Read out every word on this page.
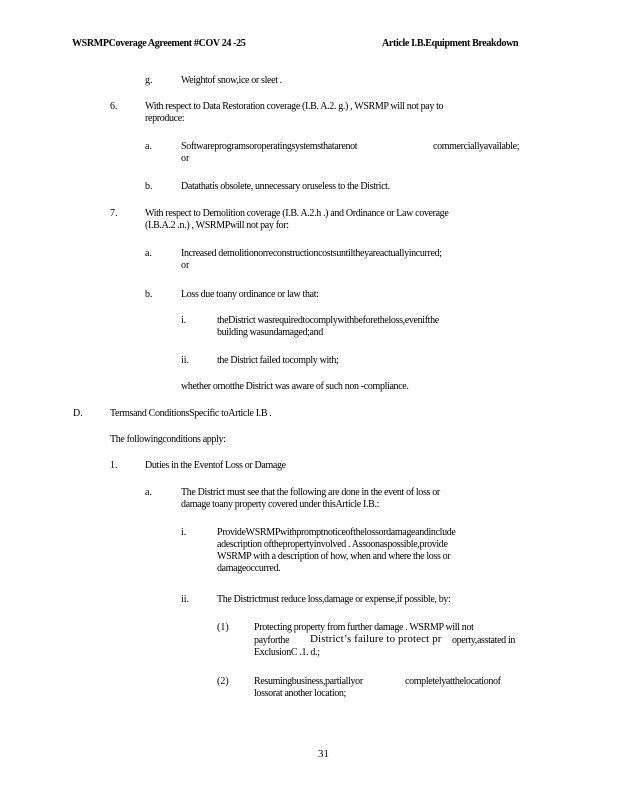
WSRMPCoverage Agreement #COV 24 -25	Article I.B.Equipment Breakdown
g.	Weightof snow,ice or sleet .
6.	With respect to Data Restoration coverage (I.B. A.2. g.) , WSRMP will not pay to
reproduce:
a.	Softwareprogramsoroperatingsystemsthatarenot	commerciallyavailable;
or
b.	Datathatis obsolete, unnecessary oruseless to the District.
7.	With respect to Demolition coverage (I.B. A.2.h .) and Ordinance or Law coverage
(I.B.A.2 .n.) , WSRMPwill not pay for:
a.	Increased demolitionorreconstructioncostsuntiltheyareactuallyincurred;
or
b.	Loss due toany ordinance or law that:
i.	theDistrict wasrequiredtocomplywithbeforetheloss,evenifthe
building wasundamaged;and
ii.	the District failed tocomply with;
whether ornotthe District was aware of such non -compliance.
D.	Termsand ConditionsSpecific toArticle I.B .
The followingconditions apply:
1.	Duties in the Eventof Loss or Damage
a.	The District must see that the following are done in the event of loss or
damage toany property covered under thisArticle I.B.:
i.	ProvideWSRMPwithpromptnoticeofthelossordamageandinclude
adescription ofthepropertyinvolved . Assoonaspossible,provide
WSRMP with a description of how, when and where the loss or
damageoccurred.
ii.	The Districtmust reduce loss,damage or expense,if possible, by:
(1)	Protecting property from further damage . WSRMP will not
payforthe District’s failure to protect pr operty,asstated in
ExclusionC .1. d.;
(2)	Resumingbusiness,partiallyor	completelyatthelocationof
lossorat another location;
31
